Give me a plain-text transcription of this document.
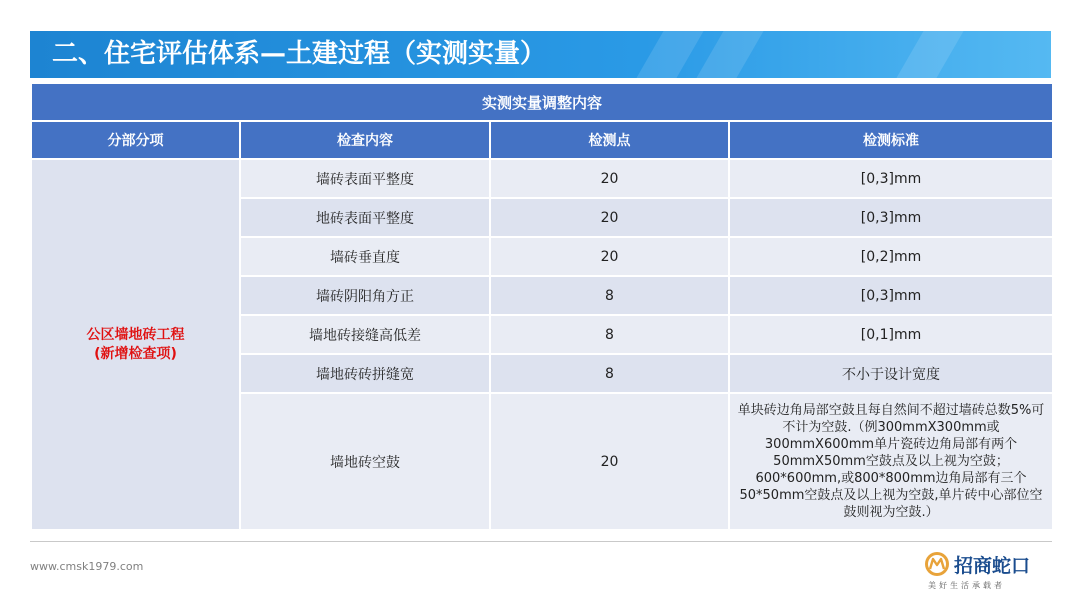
二、住宅评估体系—土建过程（实测实量）
实测实量调整内容			
分部分项	检查内容	检测点	检测标准

公区墙地砖工程
(新增检查项)	墙砖表面平整度	20	[0,3]mm
	地砖表面平整度	20	[0,3]mm
	墙砖垂直度	20	[0,2]mm
	墙砖阴阳角方正	8	[0,3]mm
	墙地砖接缝高低差	8	[0,1]mm
	墙地砖砖拼缝宽	8	不小于设计宽度
	墙地砖空鼓	20	单块砖边角局部空鼓且每自然间不超过墙砖总数5%可不计为空鼓.（例300mmX300mm或300mmX600mm单片瓷砖边角局部有两个50mmX50mm空鼓点及以上视为空鼓；600*600mm,或800*800mm边角局部有三个50*50mm空鼓点及以上视为空鼓,单片砖中心部位空鼓则视为空鼓.）
www.cmsk1979.com	招商蛇口
美好生活承载者
